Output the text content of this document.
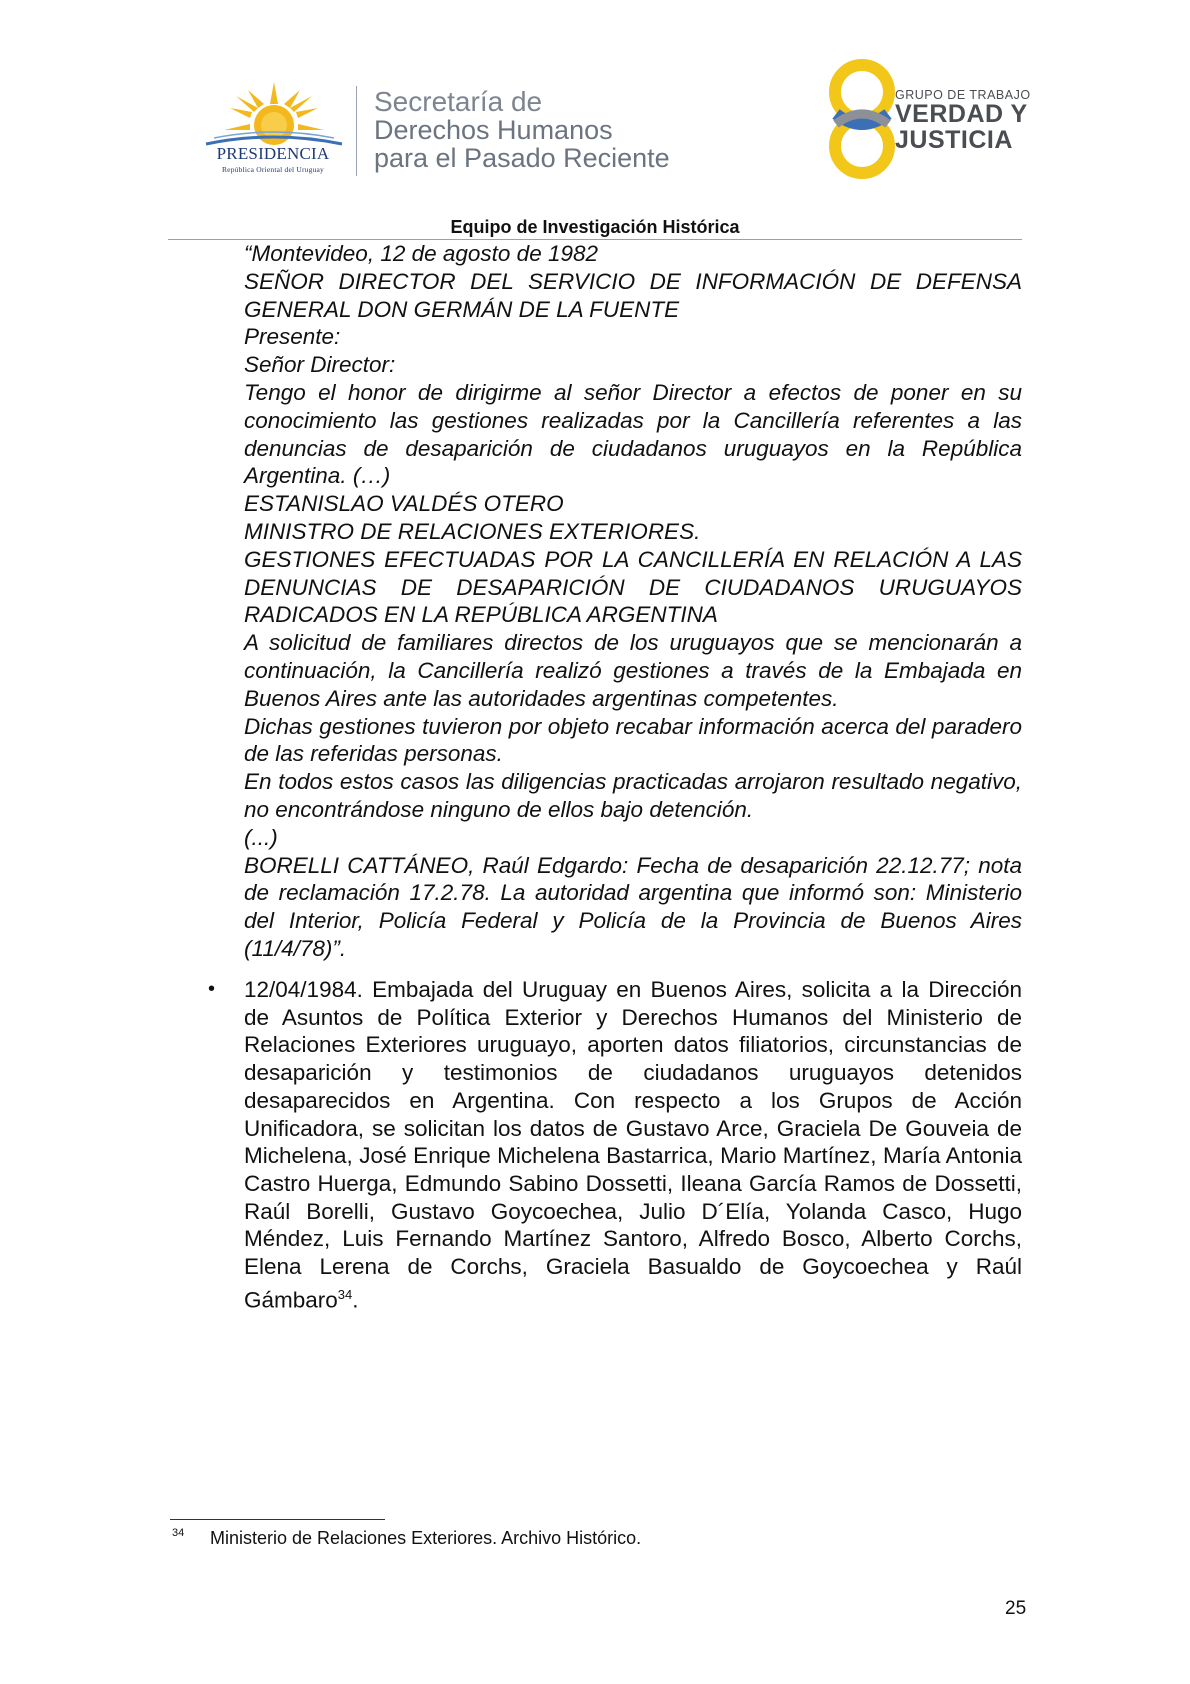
PRESIDENCIA
República Oriental del Uruguay
Secretaría de
Derechos Humanos
para el Pasado Reciente
GRUPO DE TRABAJO
VERDAD Y
JUSTICIA
Equipo de Investigación Histórica

“Montevideo, 12 de agosto de 1982

SEÑOR DIRECTOR DEL SERVICIO DE INFORMACIÓN DE DEFENSA

GENERAL DON GERMÁN DE LA FUENTE

Presente:

Señor Director:

Tengo el honor de dirigirme al señor Director a efectos de poner en su conocimiento las gestiones realizadas por la Cancillería referentes a las denuncias de desaparición de ciudadanos uruguayos en la República Argentina. (…)

ESTANISLAO VALDÉS OTERO

MINISTRO DE RELACIONES EXTERIORES.

GESTIONES EFECTUADAS POR LA CANCILLERÍA EN RELACIÓN A LAS DENUNCIAS DE DESAPARICIÓN DE CIUDADANOS URUGUAYOS RADICADOS EN LA REPÚBLICA ARGENTINA

A solicitud de familiares directos de los uruguayos que se mencionarán a continuación, la Cancillería realizó gestiones a través de la Embajada en Buenos Aires ante las autoridades argentinas competentes.

Dichas gestiones tuvieron por objeto recabar información acerca del paradero de las referidas personas.

En todos estos casos las diligencias practicadas arrojaron resultado negativo, no encontrándose ninguno de ellos bajo detención.

(...)

BORELLI CATTÁNEO, Raúl Edgardo: Fecha de desaparición 22.12.77; nota de reclamación 17.2.78. La autoridad argentina que informó son: Ministerio del Interior, Policía Federal y Policía de la Provincia de Buenos Aires (11/4/78)”.

• 12/04/1984. Embajada del Uruguay en Buenos Aires, solicita a la Dirección de Asuntos de Política Exterior y Derechos Humanos del Ministerio de Relaciones Exteriores uruguayo, aporten datos filiatorios, circunstancias de desaparición y testimonios de ciudadanos uruguayos detenidos desaparecidos en Argentina. Con respecto a los Grupos de Acción Unificadora, se solicitan los datos de Gustavo Arce, Graciela De Gouveia de Michelena, José Enrique Michelena Bastarrica, Mario Martínez, María Antonia Castro Huerga, Edmundo Sabino Dossetti, Ileana García Ramos de Dossetti, Raúl Borelli, Gustavo Goycoechea, Julio D´Elía, Yolanda Casco, Hugo Méndez, Luis Fernando Martínez Santoro, Alfredo Bosco, Alberto Corchs, Elena Lerena de Corchs, Graciela Basualdo de Goycoechea y Raúl Gámbaro$^{34}$.
34 Ministerio de Relaciones Exteriores. Archivo Histórico.
25
